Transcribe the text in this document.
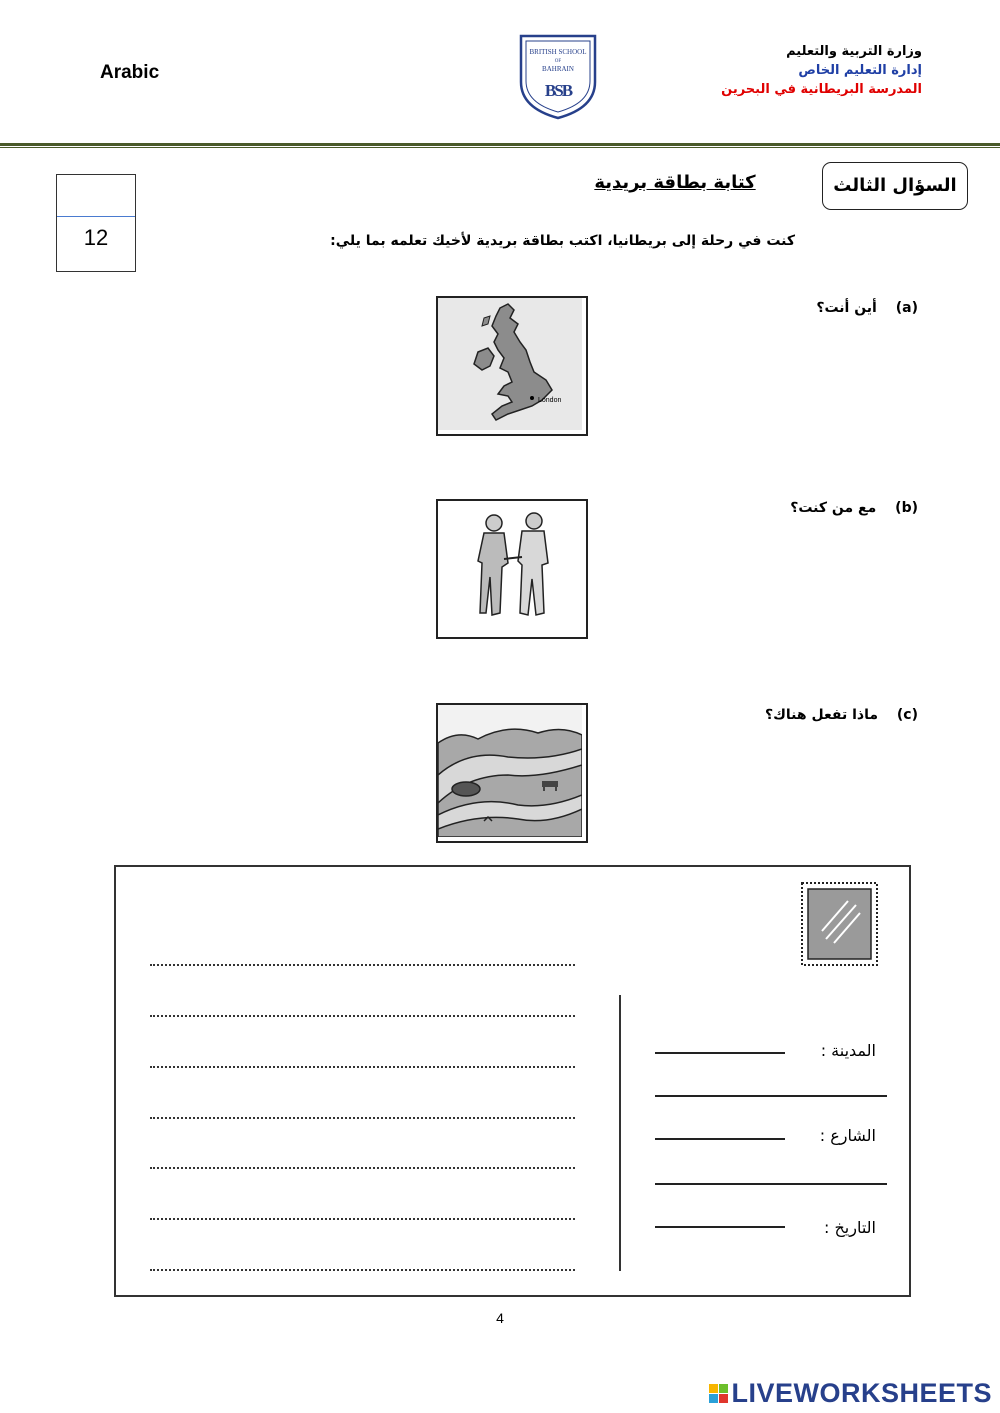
Arabic
BRITISH SCHOOL
OF
BAHRAIN
BSB
وزارة التربية والتعليم
إدارة التعليم الخاص
المدرسة البريطانية في البحرين
12
السؤال الثالث
كتابة بطاقة بريدية
كنت في رحلة إلى بريطانيا، اكتب بطاقة بريدية لأخيك تعلمه بما يلي:
(a) أين أنت؟
London
(b) مع من كنت؟
(c) ماذا تفعل هناك؟
المدينة :
الشارع :
التاريخ :
4
LIVEWORKSHEETS
